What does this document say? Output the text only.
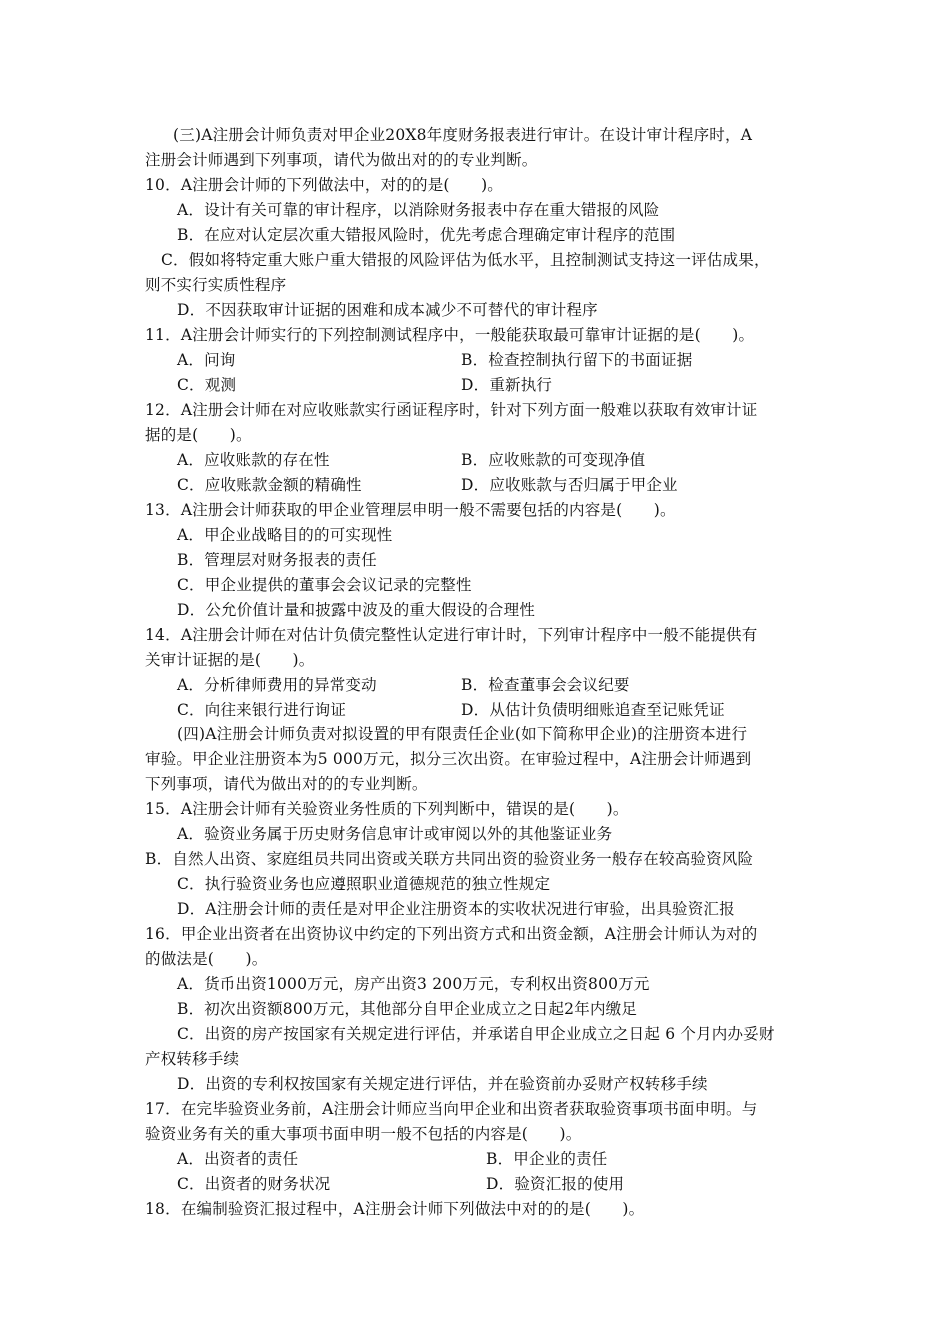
(三)A注册会计师负责对甲企业20X8年度财务报表进行审计。在设计审计程序时，A
注册会计师遇到下列事项，请代为做出对的的专业判断。
10．A注册会计师的下列做法中，对的的是(　　)。
A．设计有关可靠的审计程序，以消除财务报表中存在重大错报的风险
B．在应对认定层次重大错报风险时，优先考虑合理确定审计程序的范围
C．假如将特定重大账户重大错报的风险评估为低水平，且控制测试支持这一评估成果，
则不实行实质性程序
D．不因获取审计证据的困难和成本减少不可替代的审计程序
11．A注册会计师实行的下列控制测试程序中，一般能获取最可靠审计证据的是(　　)。
A．问询	B．检查控制执行留下的书面证据
C．观测	D．重新执行
12．A注册会计师在对应收账款实行函证程序时，针对下列方面一般难以获取有效审计证
据的是(　　)。
A．应收账款的存在性	B．应收账款的可变现净值
C．应收账款金额的精确性	D．应收账款与否归属于甲企业
13．A注册会计师获取的甲企业管理层申明一般不需要包括的内容是(　　)。
A．甲企业战略目的的可实现性
B．管理层对财务报表的责任
C．甲企业提供的董事会会议记录的完整性
D．公允价值计量和披露中波及的重大假设的合理性
14．A注册会计师在对估计负债完整性认定进行审计时，下列审计程序中一般不能提供有
关审计证据的是(　　)。
A．分析律师费用的异常变动	B．检查董事会会议纪要
C．向往来银行进行询证	D．从估计负债明细账追查至记账凭证
(四)A注册会计师负责对拟设置的甲有限责任企业(如下简称甲企业)的注册资本进行
审验。甲企业注册资本为5 000万元，拟分三次出资。在审验过程中，A注册会计师遇到
下列事项，请代为做出对的的专业判断。
15．A注册会计师有关验资业务性质的下列判断中，错误的是(　　)。
A．验资业务属于历史财务信息审计或审阅以外的其他鉴证业务
B．自然人出资、家庭组员共同出资或关联方共同出资的验资业务一般存在较高验资风险
C．执行验资业务也应遵照职业道德规范的独立性规定
D．A注册会计师的责任是对甲企业注册资本的实收状况进行审验，出具验资汇报
16．甲企业出资者在出资协议中约定的下列出资方式和出资金额，A注册会计师认为对的
的做法是(　　)。
A．货币出资1000万元，房产出资3 200万元，专利权出资800万元
B．初次出资额800万元，其他部分自甲企业成立之日起2年内缴足
C．出资的房产按国家有关规定进行评估，并承诺自甲企业成立之日起 6 个月内办妥财
产权转移手续
D．出资的专利权按国家有关规定进行评估，并在验资前办妥财产权转移手续
17．在完毕验资业务前，A注册会计师应当向甲企业和出资者获取验资事项书面申明。与
验资业务有关的重大事项书面申明一般不包括的内容是(　　)。
A．出资者的责任	B．甲企业的责任
C．出资者的财务状况	D．验资汇报的使用
18．在编制验资汇报过程中，A注册会计师下列做法中对的的是(　　)。
